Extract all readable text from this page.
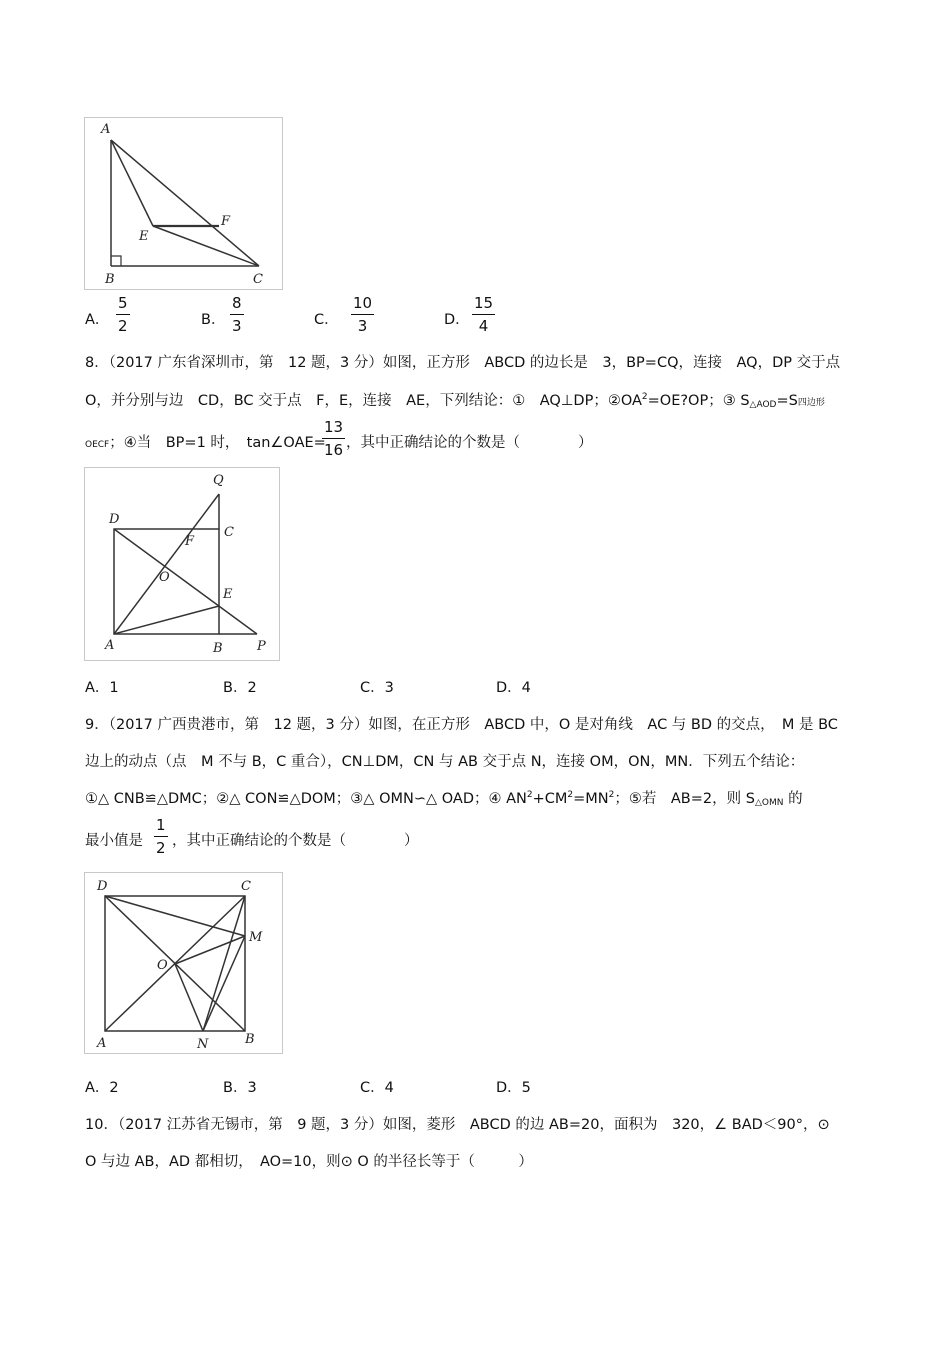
A
B	C
E
F
A．
5
2	B．
8
3	C．
10
3	D．
15
4
8．（2017 广东省深圳市，第　12 题，3 分）如图，正方形　ABCD 的边长是　3，BP=CQ，连接　AQ，DP 交于点
O，并分别与边　CD，BC 交于点　F，E，连接　AE，下列结论：①　AQ⊥DP；$②OA^2=OE?OP$；③ $S_{\triangle AOD}=S$四边形
OECF；④当　BP=1 时，　tan∠OAE=
13
16 ，其中正确结论的个数是（　　　　）
Q
D
C
F
O
E
A	B	P
A．1	B．2	C．3	D．4
9．（2017 广西贵港市，第　12 题，3 分）如图，在正方形　ABCD 中，O 是对角线　AC 与 BD 的交点，　M 是 BC
边上的动点（点　M 不与 B，C 重合），CN⊥DM，CN 与 AB 交于点 N，连接 OM，ON，MN．下列五个结论：
①△ CNB≌△DMC；②△ CON≌△DOM；③△ OMN∽△ OAD；④ $AN^2+CM^2=MN^2$；⑤若　AB=2，则 $S_{\triangle OMN}$ 的
最小值是
1
2 ，其中正确结论的个数是（　　　　）
D	C
M
O
A	N	B
A．2	B．3	C．4	D．5
10．（2017 江苏省无锡市，第　9 题，3 分）如图，菱形　ABCD 的边 AB=20，面积为　320，∠ BAD＜90°，⊙
O 与边 AB，AD 都相切，　AO=10，则⊙ O 的半径长等于（　　　）
